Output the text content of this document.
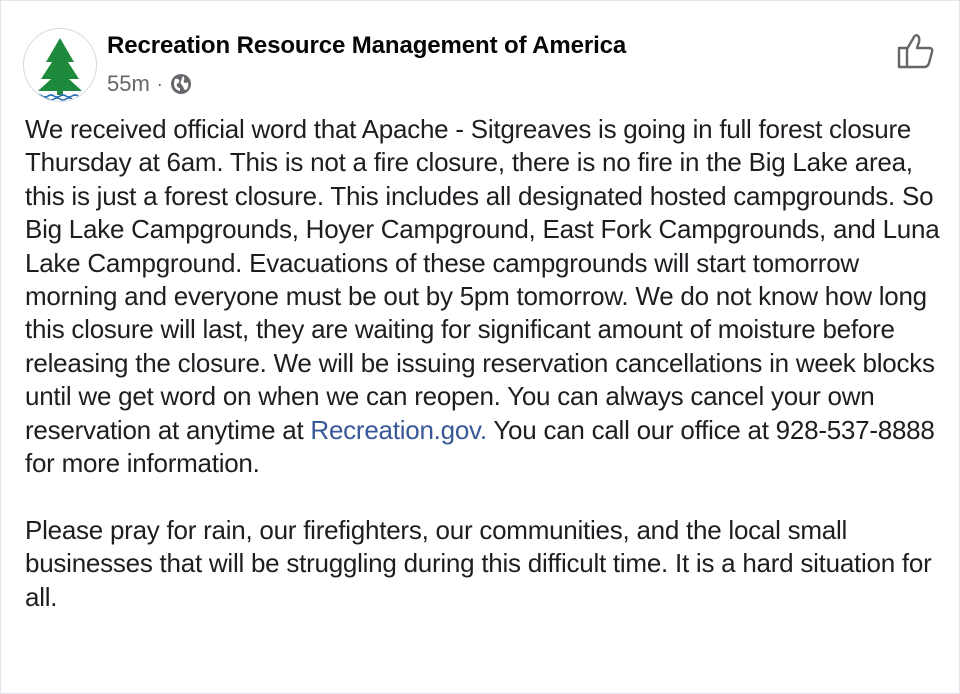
Recreation Resource Management of America
55m ·

We received official word that Apache - Sitgreaves is going in full forest closure Thursday at 6am. This is not a fire closure, there is no fire in the Big Lake area, this is just a forest closure. This includes all designated hosted campgrounds. So Big Lake Campgrounds, Hoyer Campground, East Fork Campgrounds, and Luna Lake Campground. Evacuations of these campgrounds will start tomorrow morning and everyone must be out by 5pm tomorrow. We do not know how long this closure will last, they are waiting for significant amount of moisture before releasing the closure. We will be issuing reservation cancellations in week blocks until we get word on when we can reopen. You can always cancel your own reservation at anytime at Recreation.gov. You can call our office at 928-537-8888 for more information.

Please pray for rain, our firefighters, our communities, and the local small businesses that will be struggling during this difficult time. It is a hard situation for all.
